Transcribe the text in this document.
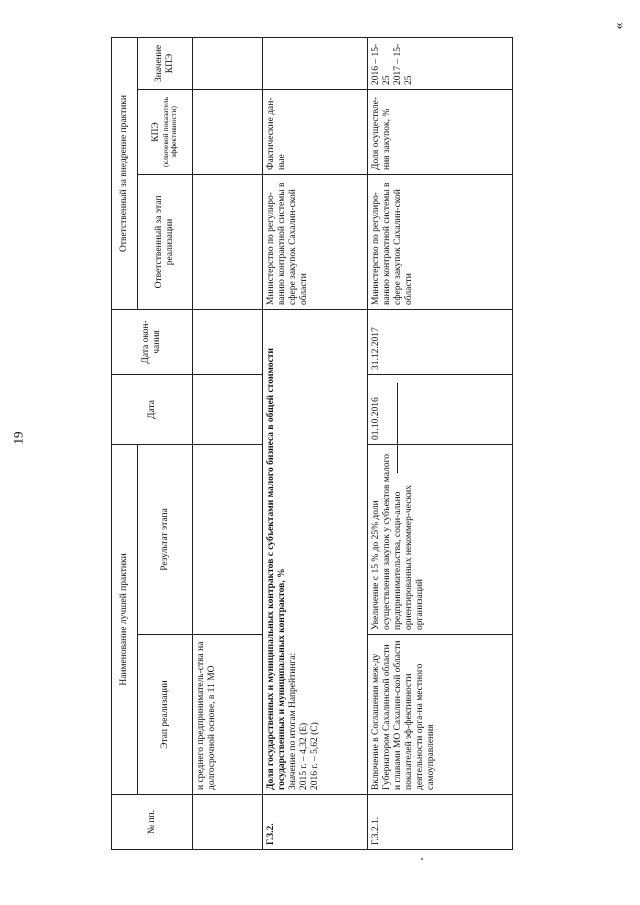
19
»
№ пп.	Наименование лучшей практики		Дата	Дата окон-чания	Ответственный за внедрение практики		
	Этап реализации	Результат этапа			Ответственный за этап реализации	КПЭ (ключевой показатель эффективности)	Значение КПЭ
	и среднего предприниматель-ства на долгосрочной основе, в 11 МО						
Г.3.2.	Доля государственных и муниципальных контрактов с субъектами малого бизнеса в общей стоимости государственных и муниципальных контрактов, % Значение по итогам Напрейтинга: 2015 г. – 4,32 (Е) 2016 г. – 5,62 (С)				Министерство по регулиро-ванию контрактной системы в сфере закупок Сахалин-ской области	Фактические дан-ные	
Г.3.2.1.	Включение в Соглашения меж-ду Губернатором Сахалинской области и главами МО Сахалин-ской области показателей эф-фективности деятельности орга-на местного самоуправления	Увеличение с 15 % до 25% доли осуществления закупок у субъектов малого предпринимательства, соци-ально ориентированных некоммер-ческих организаций	01.10.2016	31.12.2017	Министерство по регулиро-ванию контрактной системы в сфере закупок Сахалин-ской области	Доля осуществле-ния закупок, %	2016 – 15-25
2017 – 15-25
